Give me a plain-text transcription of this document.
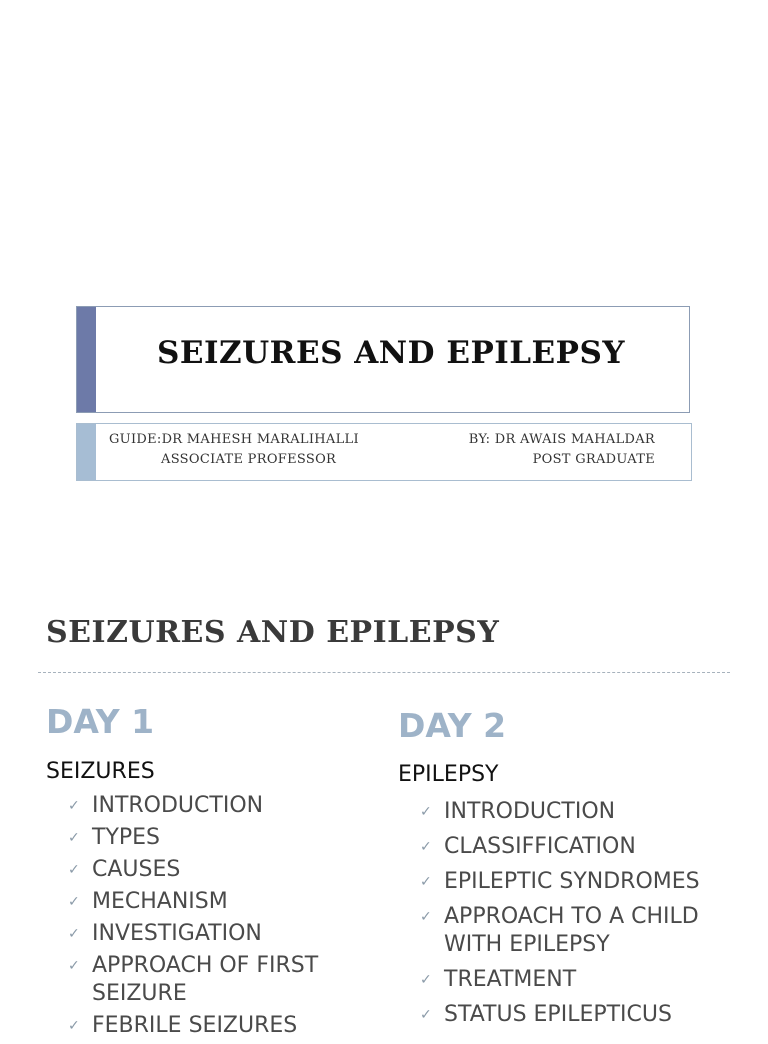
SEIZURES AND EPILEPSY
GUIDE:DR MAHESH MARALIHALLI
ASSOCIATE PROFESSOR
BY: DR AWAIS MAHALDAR
POST GRADUATE
SEIZURES AND EPILEPSY
DAY 1
SEIZURES
✓ INTRODUCTION
✓ TYPES
✓ CAUSES
✓ MECHANISM
✓ INVESTIGATION
✓ APPROACH OF FIRST SEIZURE
✓ FEBRILE SEIZURES
DAY 2
EPILEPSY
✓ INTRODUCTION
✓ CLASSIFFICATION
✓ EPILEPTIC SYNDROMES
✓ APPROACH TO A CHILD WITH EPILEPSY
✓ TREATMENT
✓ STATUS EPILEPTICUS
